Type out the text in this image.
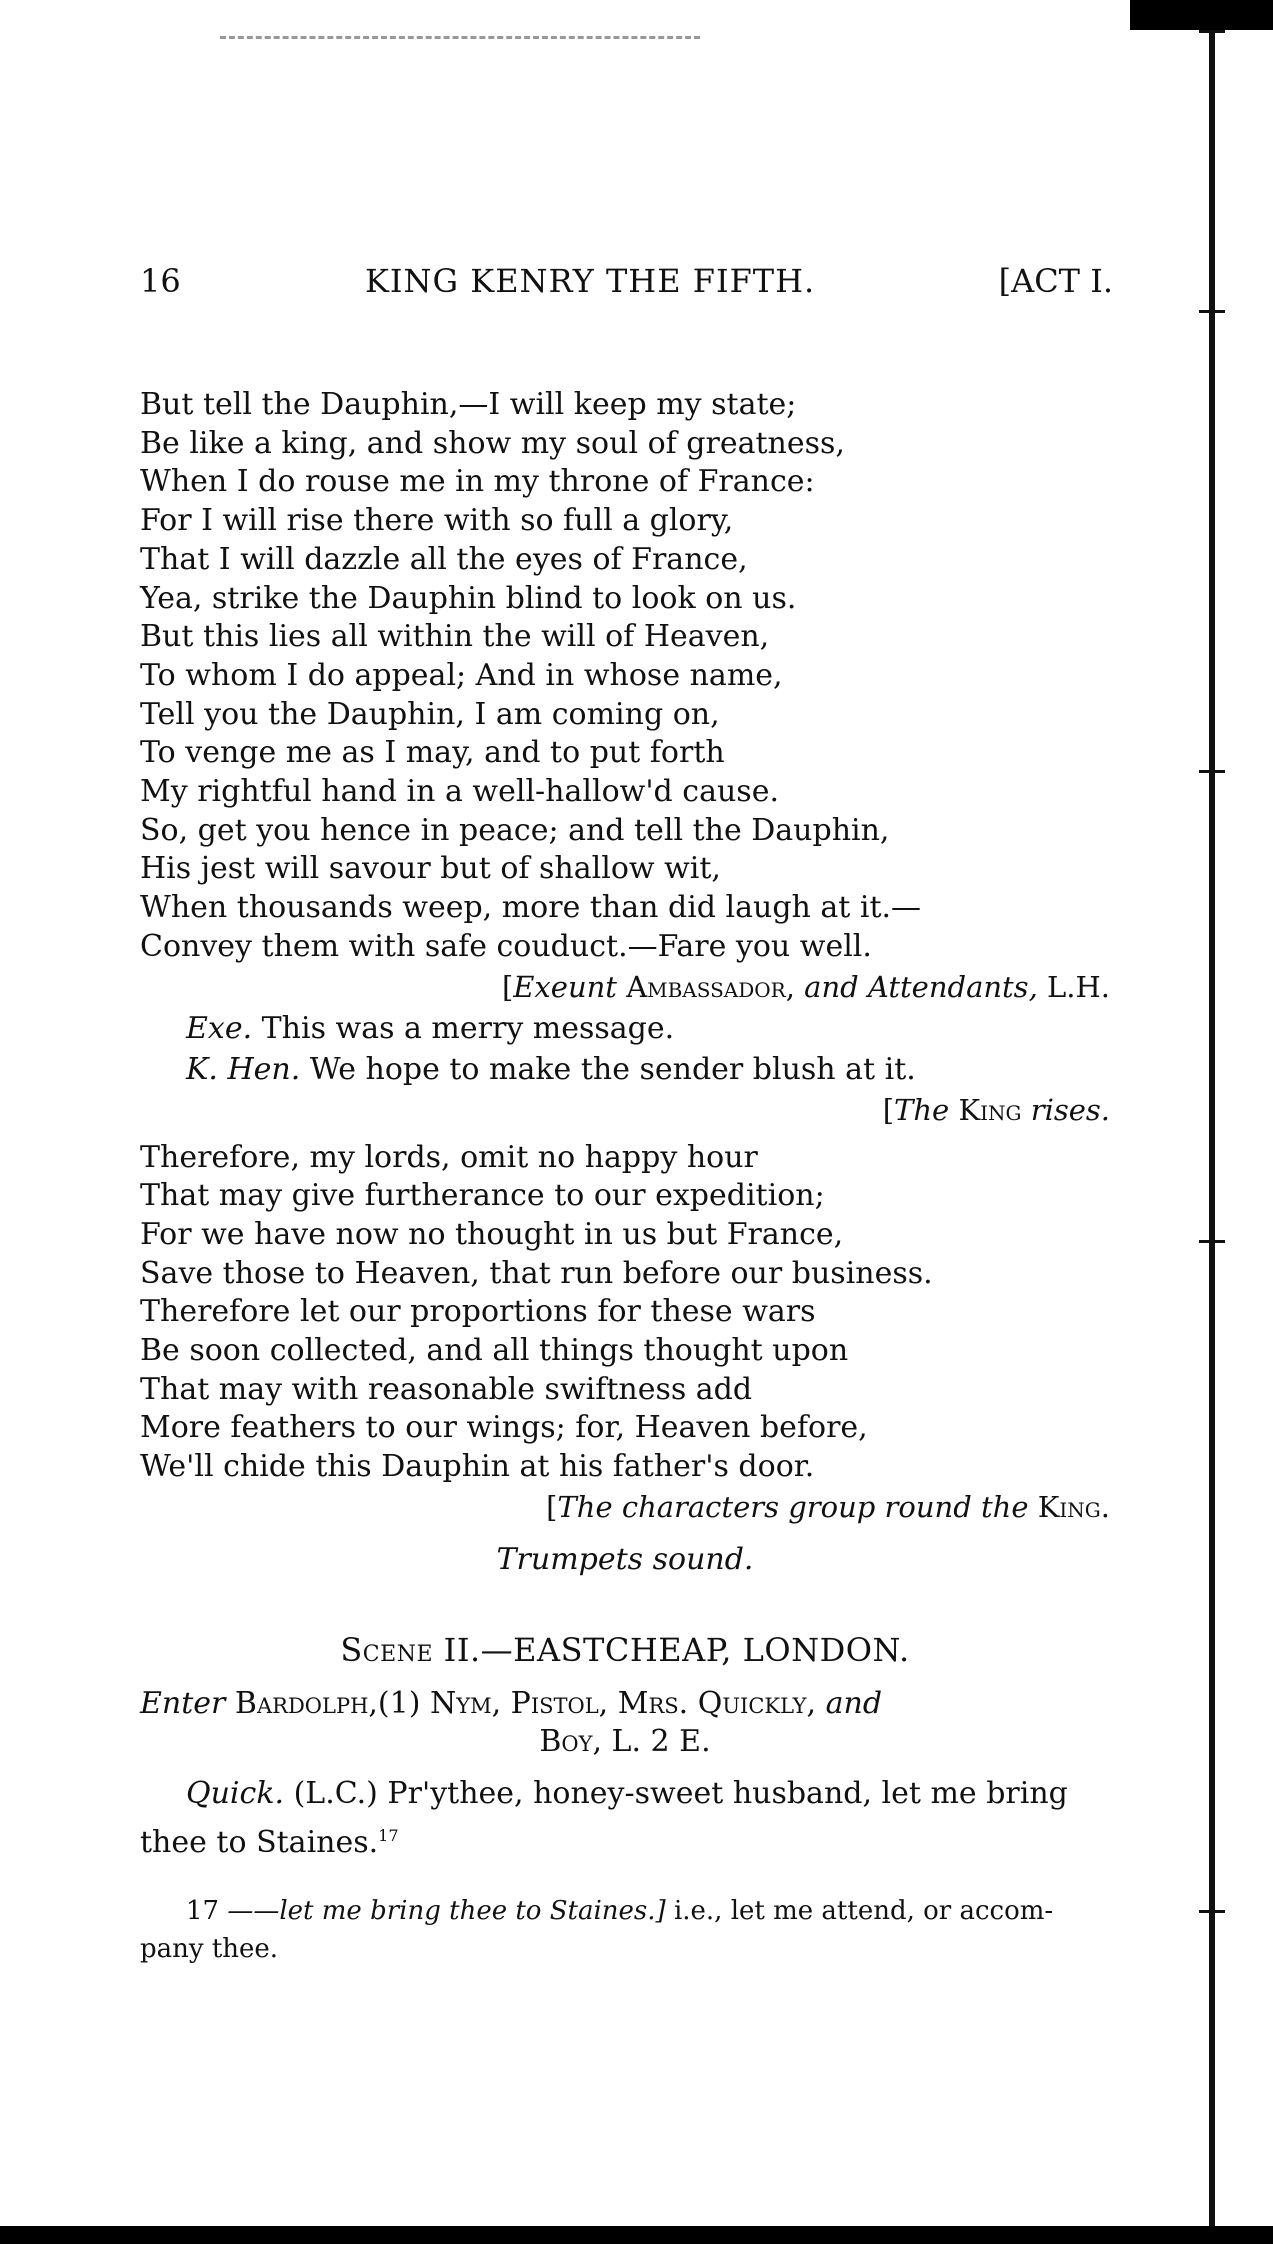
16	KING KENRY THE FIFTH.	[ACT I.
But tell the Dauphin,—I will keep my state;
Be like a king, and show my soul of greatness,
When I do rouse me in my throne of France:
For I will rise there with so full a glory,
That I will dazzle all the eyes of France,
Yea, strike the Dauphin blind to look on us.
But this lies all within the will of Heaven,
To whom I do appeal; And in whose name,
Tell you the Dauphin, I am coming on,
To venge me as I may, and to put forth
My rightful hand in a well-hallow'd cause.
So, get you hence in peace; and tell the Dauphin,
His jest will savour but of shallow wit,
When thousands weep, more than did laugh at it.—
Convey them with safe couduct.—Fare you well.
[Exeunt Ambassador, and Attendants, L.H.
Exe. This was a merry message.
K. Hen. We hope to make the sender blush at it.
[The King rises.
Therefore, my lords, omit no happy hour
That may give furtherance to our expedition;
For we have now no thought in us but France,
Save those to Heaven, that run before our business.
Therefore let our proportions for these wars
Be soon collected, and all things thought upon
That may with reasonable swiftness add
More feathers to our wings; for, Heaven before,
We'll chide this Dauphin at his father's door.
[The characters group round the King.
Trumpets sound.
Scene II.—EASTCHEAP, LONDON.
Enter Bardolph,(1) Nym, Pistol, Mrs. Quickly, and
Boy, L. 2 E.
Quick. (L.C.) Pr'ythee, honey-sweet husband, let me bring
thee to Staines.$^{17}$
17 ——let me bring thee to Staines.] i.e., let me attend, or accom-
pany thee.
